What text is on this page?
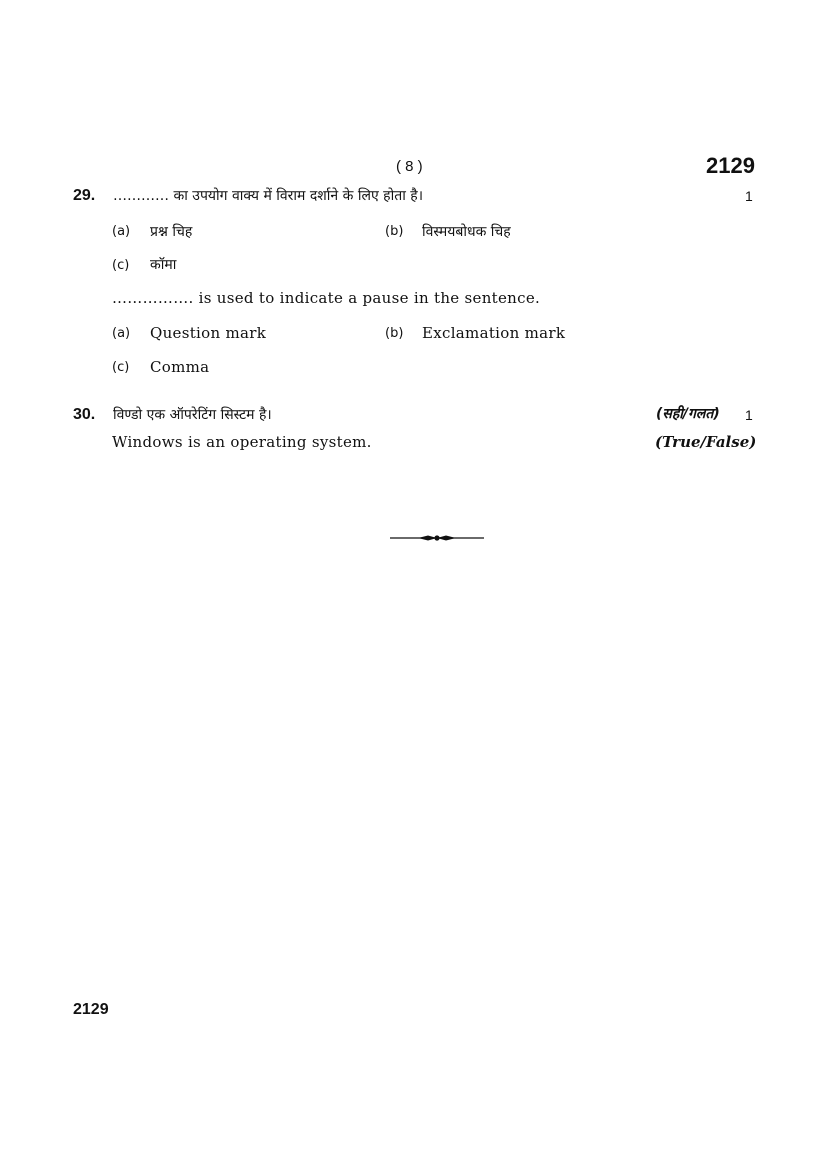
( 8 )	2129
29. ………… का उपयोग वाक्य में विराम दर्शाने के लिए होता है।	1
(a) प्रश्न चिह	(b) विस्मयबोधक चिह
(c) कॉमा
……………. is used to indicate a pause in the sentence.
(a) Question mark	(b) Exclamation mark
(c) Comma
30. विण्डो एक ऑपरेटिंग सिस्टम है।	(सही/गलत) 1
Windows is an operating system.	(True/False)
2129
